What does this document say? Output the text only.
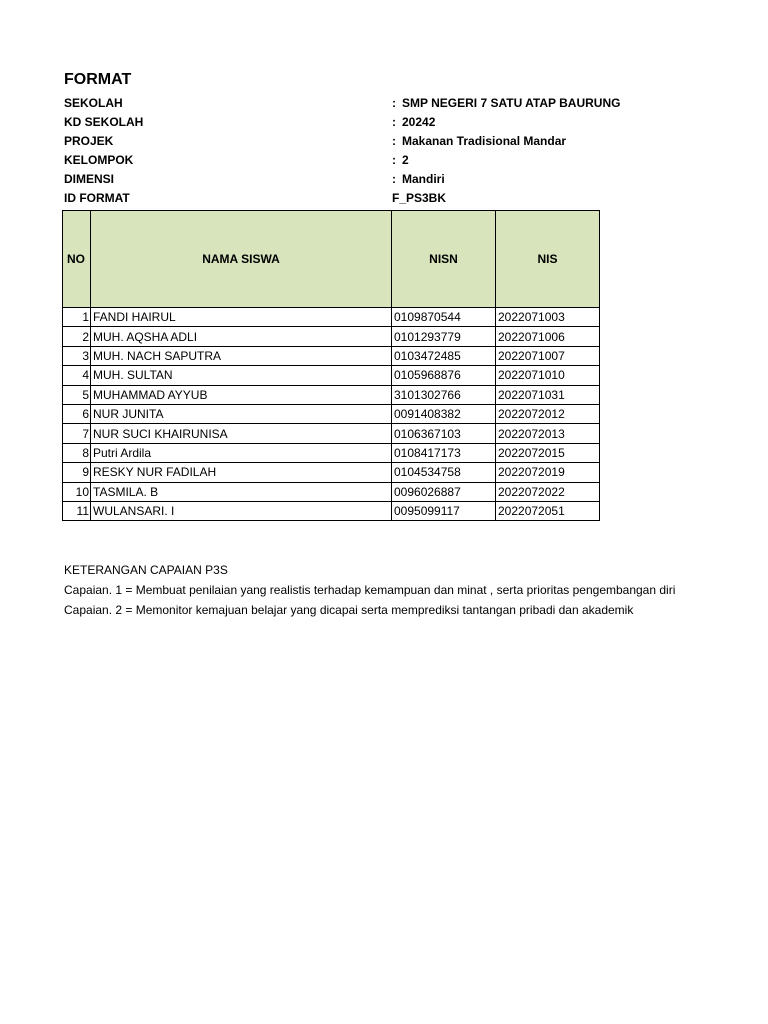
FORMAT
SEKOLAH	: SMP NEGERI 7 SATU ATAP BAURUNG
KD SEKOLAH	: 20242
PROJEK	: Makanan Tradisional Mandar
KELOMPOK	: 2
DIMENSI	: Mandiri
ID FORMAT	F_PS3BK
NO	NAMA SISWA	NISN	NIS
1	FANDI HAIRUL	0109870544	2022071003
2	MUH. AQSHA ADLI	0101293779	2022071006
3	MUH. NACH SAPUTRA	0103472485	2022071007
4	MUH. SULTAN	0105968876	2022071010
5	MUHAMMAD AYYUB	3101302766	2022071031
6	NUR JUNITA	0091408382	2022072012
7	NUR SUCI KHAIRUNISA	0106367103	2022072013
8	Putri Ardila	0108417173	2022072015
9	RESKY NUR FADILAH	0104534758	2022072019
10	TASMILA. B	0096026887	2022072022
11	WULANSARI. I	0095099117	2022072051
KETERANGAN CAPAIAN P3S
Capaian. 1 = Membuat penilaian yang realistis terhadap kemampuan dan minat , serta prioritas pengembangan diri
Capaian. 2 = Memonitor kemajuan belajar yang dicapai serta memprediksi tantangan pribadi dan akademik
